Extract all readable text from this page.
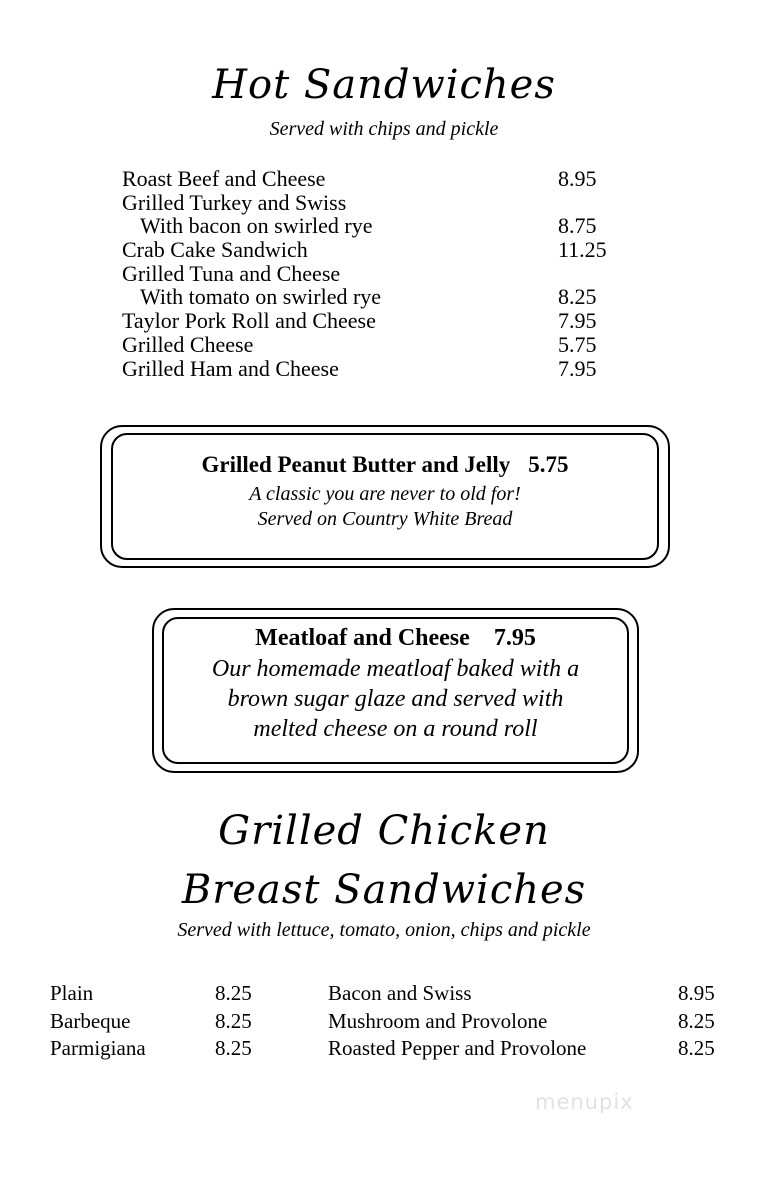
Hot Sandwiches
Served with chips and pickle
Roast Beef and Cheese	8.95
Grilled Turkey and Swiss
With bacon on swirled rye	8.75
Crab Cake Sandwich	11.25
Grilled Tuna and Cheese
With tomato on swirled rye	8.25
Taylor Pork Roll and Cheese	7.95
Grilled Cheese	5.75
Grilled Ham and Cheese	7.95
Grilled Peanut Butter and Jelly 5.75
A classic you are never to old for!
Served on Country White Bread
Meatloaf and Cheese 7.95
Our homemade meatloaf baked with a
brown sugar glaze and served with
melted cheese on a round roll
Grilled Chicken
Breast Sandwiches
Served with lettuce, tomato, onion, chips and pickle
Plain	8.25
Barbeque	8.25
Parmigiana	8.25
Bacon and Swiss	8.95
Mushroom and Provolone	8.25
Roasted Pepper and Provolone	8.25
menupix
